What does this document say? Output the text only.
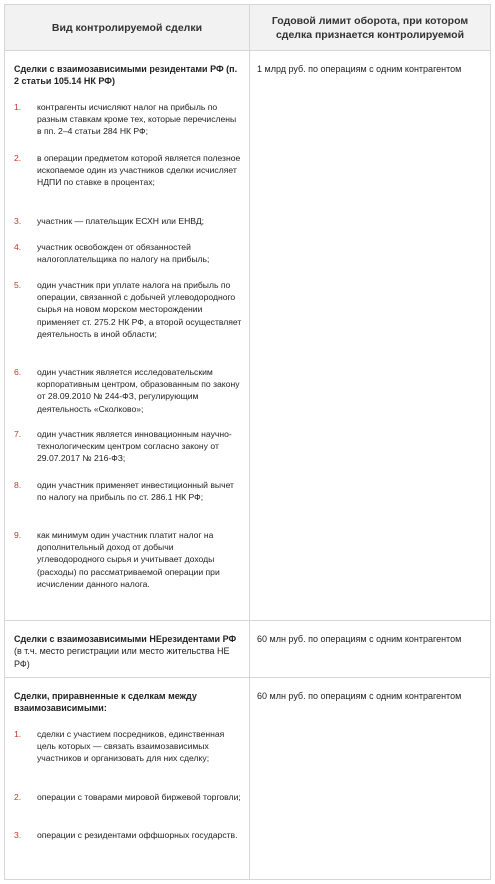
Вид контролируемой сделки
Годовой лимит оборота, при котором сделка признается контролируемой
Сделки с взаимозависимыми резидентами РФ (п. 2 статьи 105.14 НК РФ)
1 млрд руб. по операциям с одним контрагентом
1. контрагенты исчисляют налог на прибыль по разным ставкам кроме тех, которые перечислены в пп. 2–4 статьи 284 НК РФ;
2. в операции предметом которой является полезное ископаемое один из участников сделки исчисляет НДПИ по ставке в процентах;
3. участник — плательщик ЕСХН или ЕНВД;
4. участник освобожден от обязанностей налогоплательщика по налогу на прибыль;
5. один участник при уплате налога на прибыль по операции, связанной с добычей углеводородного сырья на новом морском месторождении применяет ст. 275.2 НК РФ, а второй осуществляет деятельность в иной области;
6. один участник является исследовательским корпоративным центром, образованным по закону от 28.09.2010 № 244-ФЗ, регулирующим деятельность «Сколково»;
7. один участник является инновационным научно-технологическим центром согласно закону от 29.07.2017 № 216-ФЗ;
8. один участник применяет инвестиционный вычет по налогу на прибыль по ст. 286.1 НК РФ;
9. как минимум один участник платит налог на дополнительный доход от добычи углеводородного сырья и учитывает доходы (расходы) по рассматриваемой операции при исчислении данного налога.
Сделки с взаимозависимыми НЕрезидентами РФ (в т.ч. место регистрации или место жительства НЕ РФ)
60 млн руб. по операциям с одним контрагентом
Сделки, приравненные к сделкам между взаимозависимыми:
60 млн руб. по операциям с одним контрагентом
1. сделки с участием посредников, единственная цель которых — связать взаимозависимых участников и организовать для них сделку;
2. операции с товарами мировой биржевой торговли;
3. операции с резидентами оффшорных государств.
